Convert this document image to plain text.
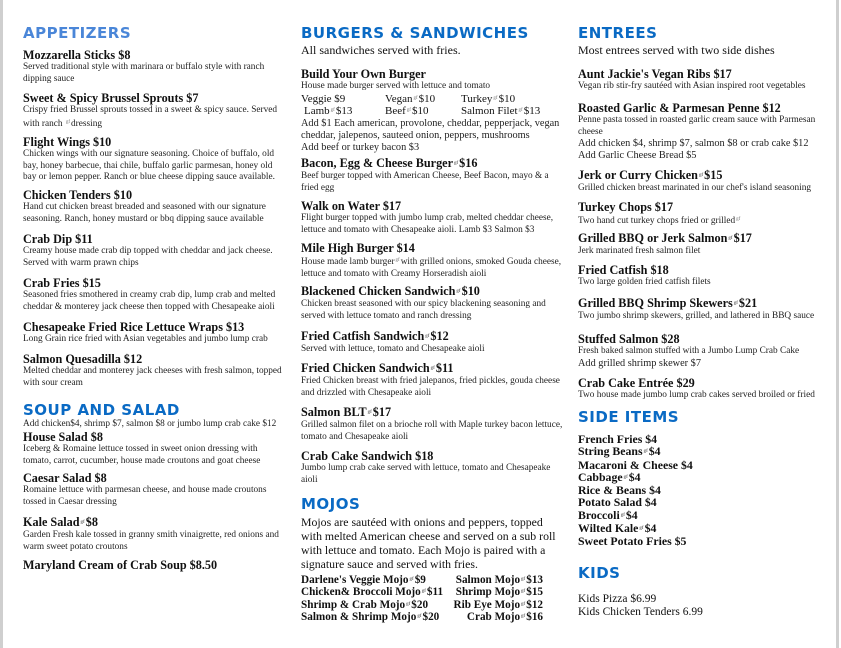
APPETIZERS

Mozzarella Sticks $8

Served traditional style with marinara or buffalo style with ranch dipping sauce

Sweet & Spicy Brussel Sprouts $7

Crispy fried Brussel sprouts tossed in a sweet & spicy sauce. Served with ranch $^{gf}$dressing

Flight Wings $10

Chicken wings with our signature seasoning. Choice of buffalo, old bay, honey barbecue, thai chile, buffalo garlic parmesan, honey old bay or lemon pepper. Ranch or blue cheese dipping sauce available.

Chicken Tenders $10

Hand cut chicken breast breaded and seasoned with our signature seasoning. Ranch, honey mustard or bbq dipping sauce available

Crab Dip $11

Creamy house made crab dip topped with cheddar and jack cheese. Served with warm prawn chips

Crab Fries $15

Seasoned fries smothered in creamy crab dip, lump crab and melted cheddar & monterey jack cheese then topped with Chesapeake aioli

Chesapeake Fried Rice Lettuce Wraps $13

Long Grain rice fried with Asian vegetables and jumbo lump crab

Salmon Quesadilla $12

Melted cheddar and monterey jack cheeses with fresh salmon, topped with sour cream

SOUP AND SALAD

Add chicken$4, shrimp $7, salmon $8 or jumbo lump crab cake $12

House Salad $8

Iceberg & Romaine lettuce tossed in sweet onion dressing with tomato, carrot, cucumber, house made croutons and goat cheese

Caesar Salad $8

Romaine lettuce with parmesan cheese, and house made croutons tossed in Caesar dressing

Kale Salad$^{gf}$\$8

Garden Fresh kale tossed in granny smith vinaigrette, red onions and warm sweet potato croutons

Maryland Cream of Crab Soup $8.50

BURGERS & SANDWICHES

All sandwiches served with fries.

Build Your Own Burger

House made burger served with lettuce and tomato

Veggie $9	Vegan$^{gf}$\$10	Turkey$^{gf}$\$10
Lamb$^{gf}$\$13	Beef$^{gf}$\$10	Salmon Filet$^{gf}$\$13

Add $1 Each american, provolone, cheddar, pepperjack, vegan cheddar, jalepenos, sauteed onion, peppers, mushrooms

Add beef or turkey bacon $3

Bacon, Egg & Cheese Burger$^{gf}$\$16

Beef burger topped with American Cheese, Beef Bacon, mayo & a fried egg

Walk on Water $17

Flight burger topped with jumbo lump crab, melted cheddar cheese, lettuce and tomato with Chesapeake aioli. Lamb $3 Salmon $3

Mile High Burger $14

House made lamb burger$^{gf}$with grilled onions, smoked Gouda cheese, lettuce and tomato with Creamy Horseradish aioli

Blackened Chicken Sandwich$^{gf}$\$10

Chicken breast seasoned with our spicy blackening seasoning and served with lettuce tomato and ranch dressing

Fried Catfish Sandwich$^{gf}$\$12

Served with lettuce, tomato and Chesapeake aioli

Fried Chicken Sandwich$^{gf}$\$11

Fried Chicken breast with fried jalepanos, fried pickles, gouda cheese and drizzled with Chesapeake aioli

Salmon $BLT^{gf}\$17$

Grilled salmon filet on a brioche roll with Maple turkey bacon lettuce, tomato and Chesapeake aioli

Crab Cake Sandwich $18

Jumbo lump crab cake served with lettuce, tomato and Chesapeake aioli

MOJOS

Mojos are sautéed with onions and peppers, topped with melted American cheese and served on a sub roll with lettuce and tomato. Each Mojo is paired with a signature sauce and served with fries.

Darlene's Veggie Mojo$^{gf}$\$9	Salmon Mojo$^{gf}$\$13
Chicken& Broccoli Mojo$^{gf}$\$11	Shrimp Mojo$^{gf}$\$15
Shrimp & Crab Mojo$^{gf}$\$20	Rib Eye Mojo$^{gf}$\$12
Salmon & Shrimp Mojo$^{gf}$\$20	Crab Mojo$^{gf}$\$16
ENTREES

Most entrees served with two side dishes

Aunt Jackie's Vegan Ribs $17

Vegan rib stir-fry sautéed with Asian inspired root vegetables

Roasted Garlic & Parmesan Penne $12

Penne pasta tossed in roasted garlic cream sauce with Parmesan cheese

Add chicken $4, shrimp $7, salmon $8 or crab cake $12

Add Garlic Cheese Bread $5

Jerk or Curry Chicken$^{gf}$\$15

Grilled chicken breast marinated in our chef's island seasoning

Turkey Chops $17

Two hand cut turkey chops fried or grilled$^{gf}$

Grilled BBQ or Jerk Salmon$^{gf}$\$17

Jerk marinated fresh salmon filet

Fried Catfish $18

Two large golden fried catfish filets

Grilled BBQ Shrimp Skewers$^{gf}$\$21

Two jumbo shrimp skewers, grilled, and lathered in BBQ sauce

Stuffed Salmon $28

Fresh baked salmon stuffed with a Jumbo Lump Crab Cake

Add grilled shrimp skewer $7

Crab Cake Entrée $29

Two house made jumbo lump crab cakes served broiled or fried

SIDE ITEMS
French Fries $4
String Beans$^{gf}$\$4
Macaroni & Cheese $4
Cabbage$^{gf}$\$4
Rice & Beans $4
Potato Salad $4
Broccoli$^{gf}$\$4
Wilted Kale$^{gf}$\$4
Sweet Potato Fries $5
KIDS
Kids Pizza $6.99
Kids Chicken Tenders 6.99
